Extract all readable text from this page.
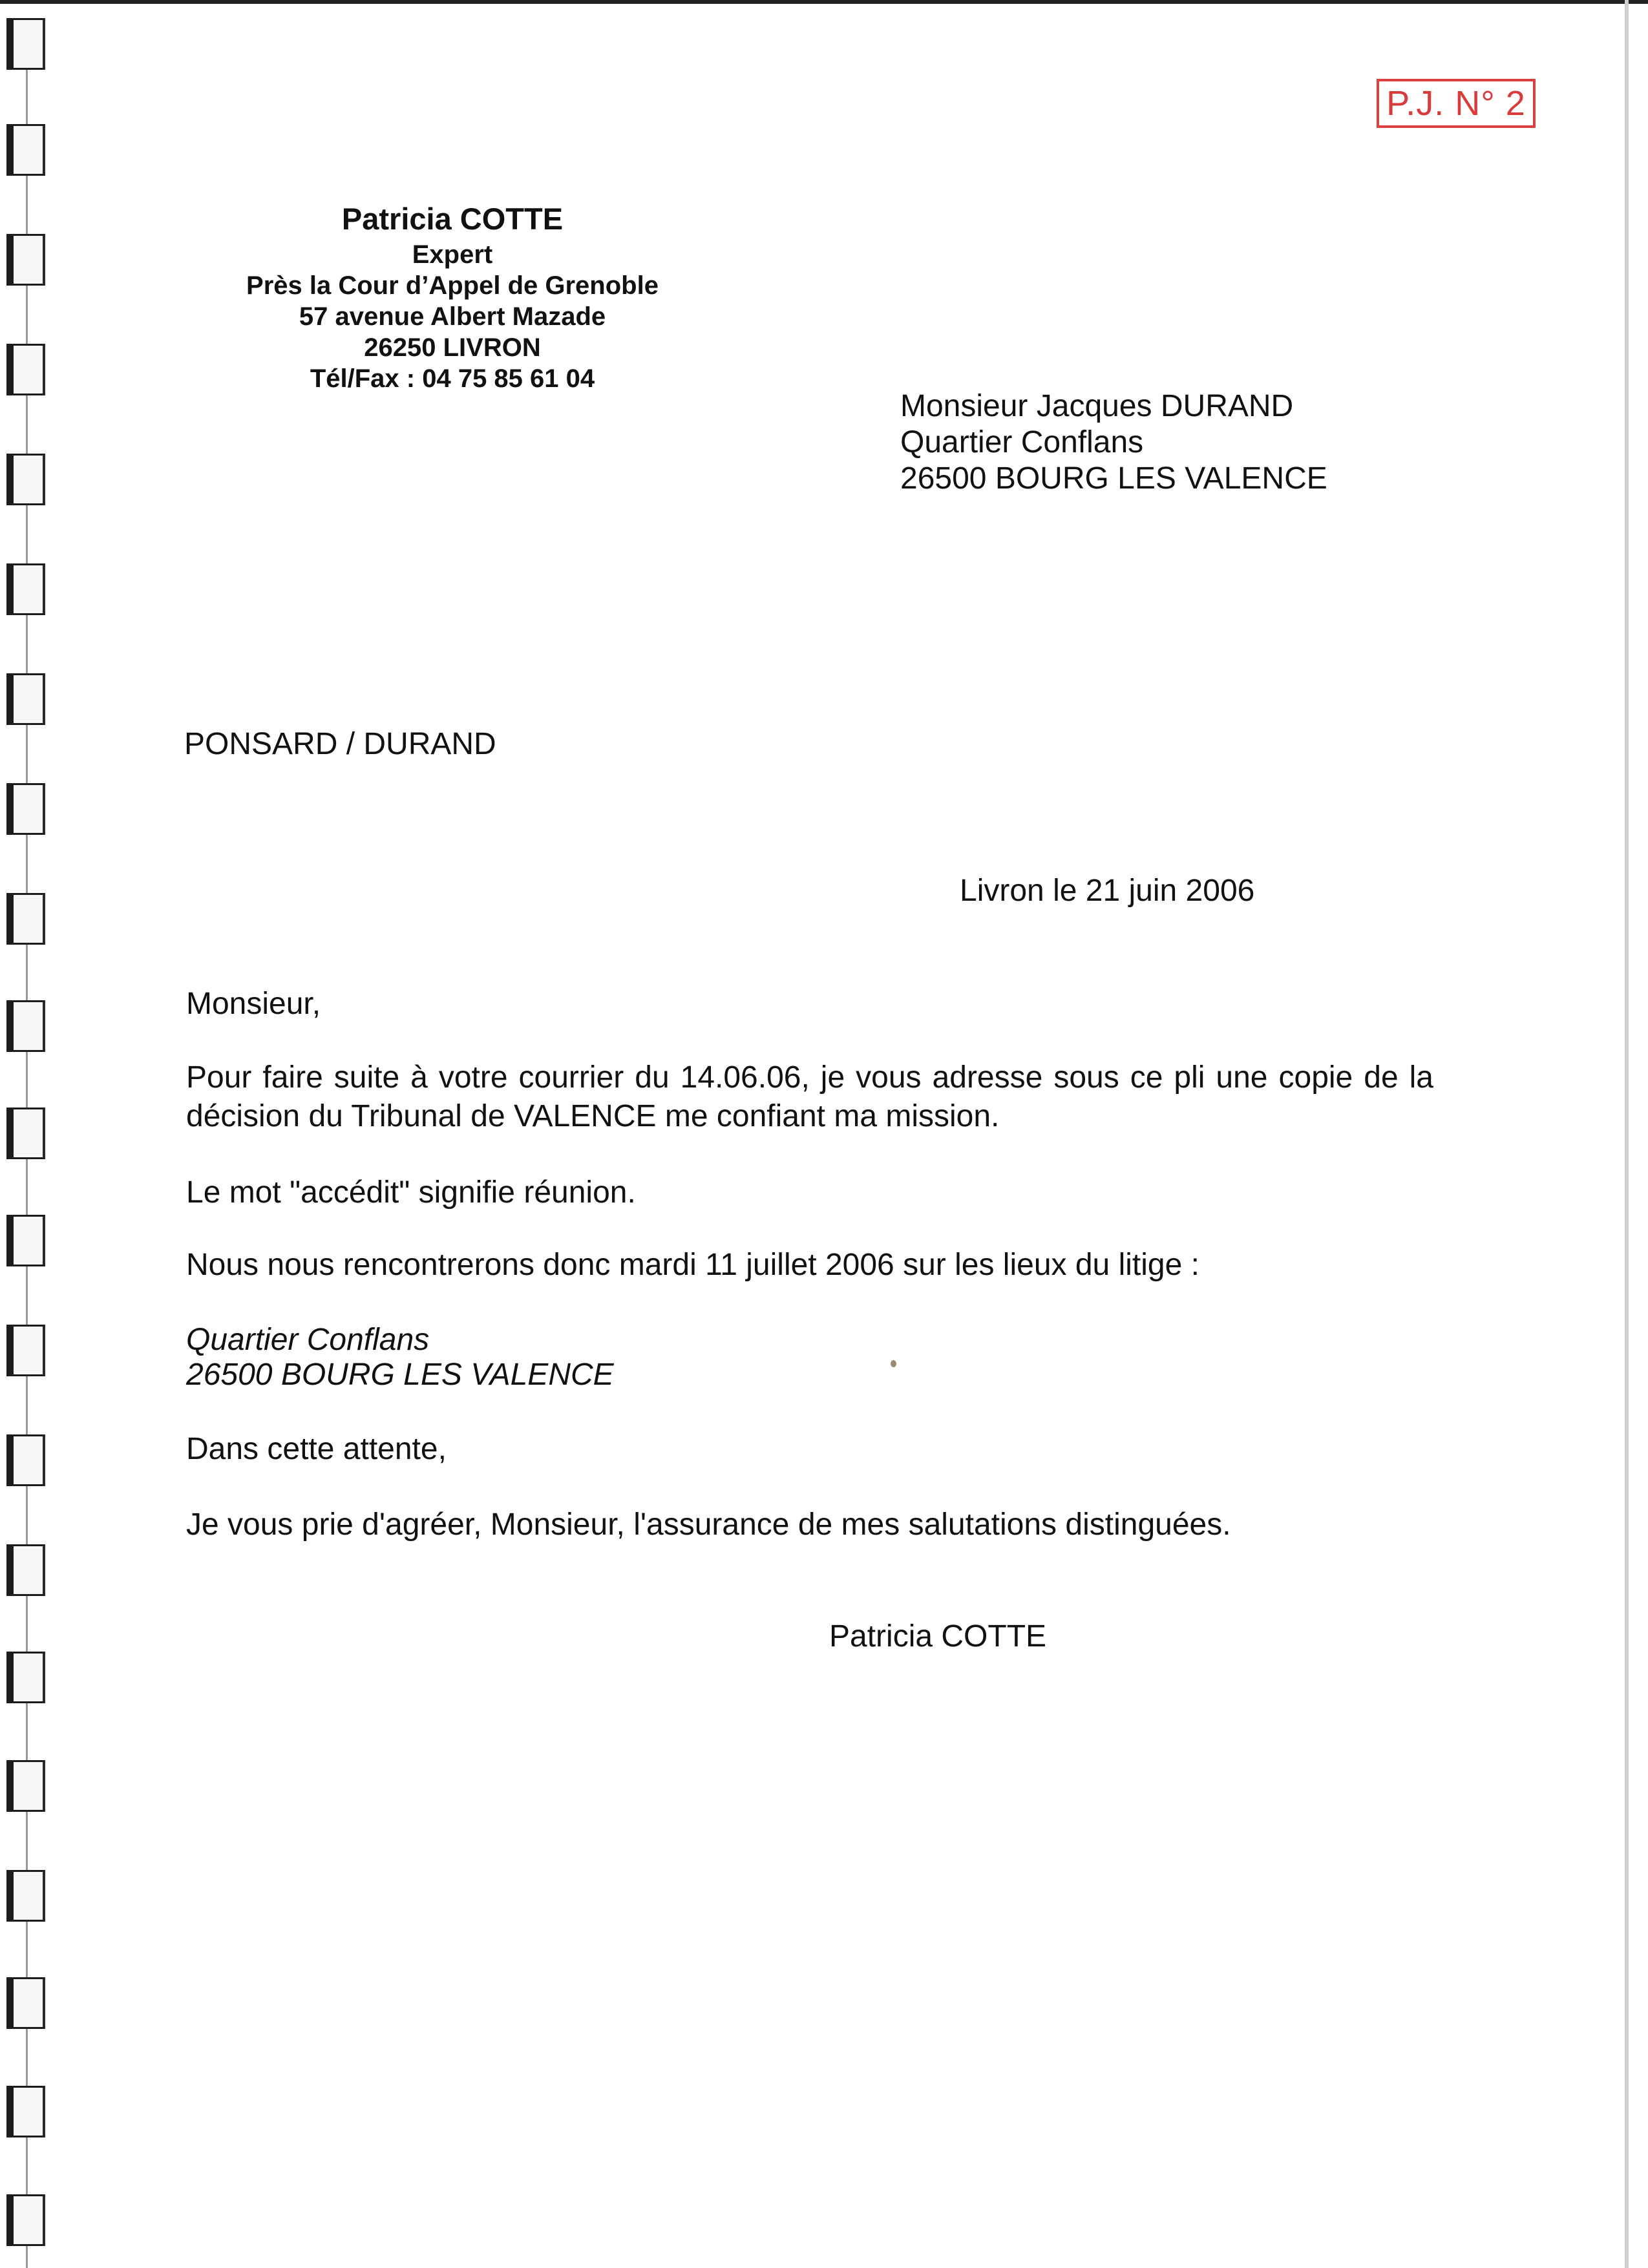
P.J. N° 2
Patricia COTTE
Expert
Près la Cour d’Appel de Grenoble
57 avenue Albert Mazade
26250 LIVRON
Tél/Fax : 04 75 85 61 04
Monsieur Jacques DURAND
Quartier Conflans
26500 BOURG LES VALENCE
PONSARD / DURAND
Livron le 21 juin 2006
Monsieur,
Pour faire suite à votre courrier du 14.06.06, je vous adresse sous ce pli une copie de la décision du Tribunal de VALENCE me confiant ma mission.
Le mot "accédit" signifie réunion.
Nous nous rencontrerons donc mardi 11 juillet 2006 sur les lieux du litige :
Quartier Conflans
26500 BOURG LES VALENCE
Dans cette attente,
Je vous prie d'agréer, Monsieur, l'assurance de mes salutations distinguées.
Patricia COTTE
